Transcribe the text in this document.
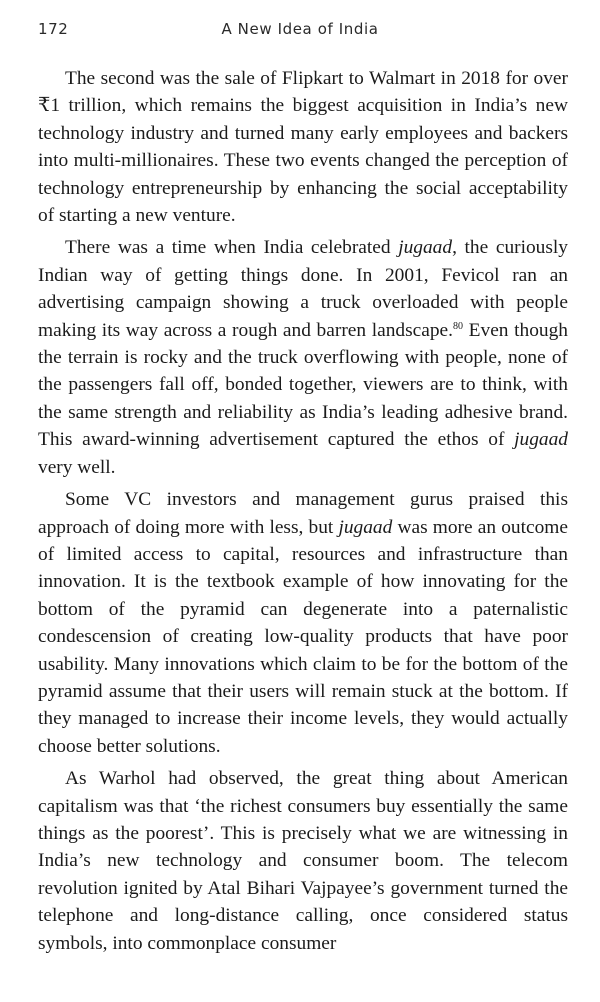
172	A New Idea of India

The second was the sale of Flipkart to Walmart in 2018 for over ₹1 trillion, which remains the biggest acquisition in India’s new technology industry and turned many early employees and backers into multi-millionaires. These two events changed the perception of technology entrepreneurship by enhancing the social acceptability of starting a new venture.

There was a time when India celebrated jugaad, the curiously Indian way of getting things done. In 2001, Fevicol ran an advertising campaign showing a truck overloaded with people making its way across a rough and barren landscape.$^{80}$ Even though the terrain is rocky and the truck overflowing with people, none of the passengers fall off, bonded together, viewers are to think, with the same strength and reliability as India’s leading adhesive brand. This award-winning advertisement captured the ethos of jugaad very well.

Some VC investors and management gurus praised this approach of doing more with less, but jugaad was more an outcome of limited access to capital, resources and infrastructure than innovation. It is the textbook example of how innovating for the bottom of the pyramid can degenerate into a paternalistic condescension of creating low-quality products that have poor usability. Many innovations which claim to be for the bottom of the pyramid assume that their users will remain stuck at the bottom. If they managed to increase their income levels, they would actually choose better solutions.

As Warhol had observed, the great thing about American capitalism was that ‘the richest consumers buy essentially the same things as the poorest’. This is precisely what we are witnessing in India’s new technology and consumer boom. The telecom revolution ignited by Atal Bihari Vajpayee’s government turned the telephone and long-distance calling, once considered status symbols, into commonplace consumer
